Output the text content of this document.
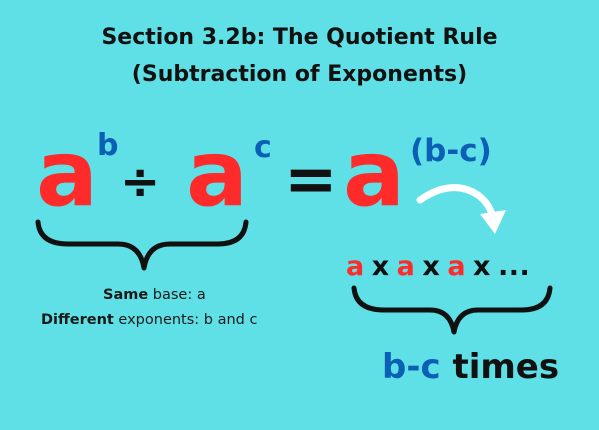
Section 3.2b: The Quotient Rule
(Subtraction of Exponents)
a
b
÷ a c = a (b-c)
Same base: a
Different exponents: b and c
a x a x a x ...
b-c times
